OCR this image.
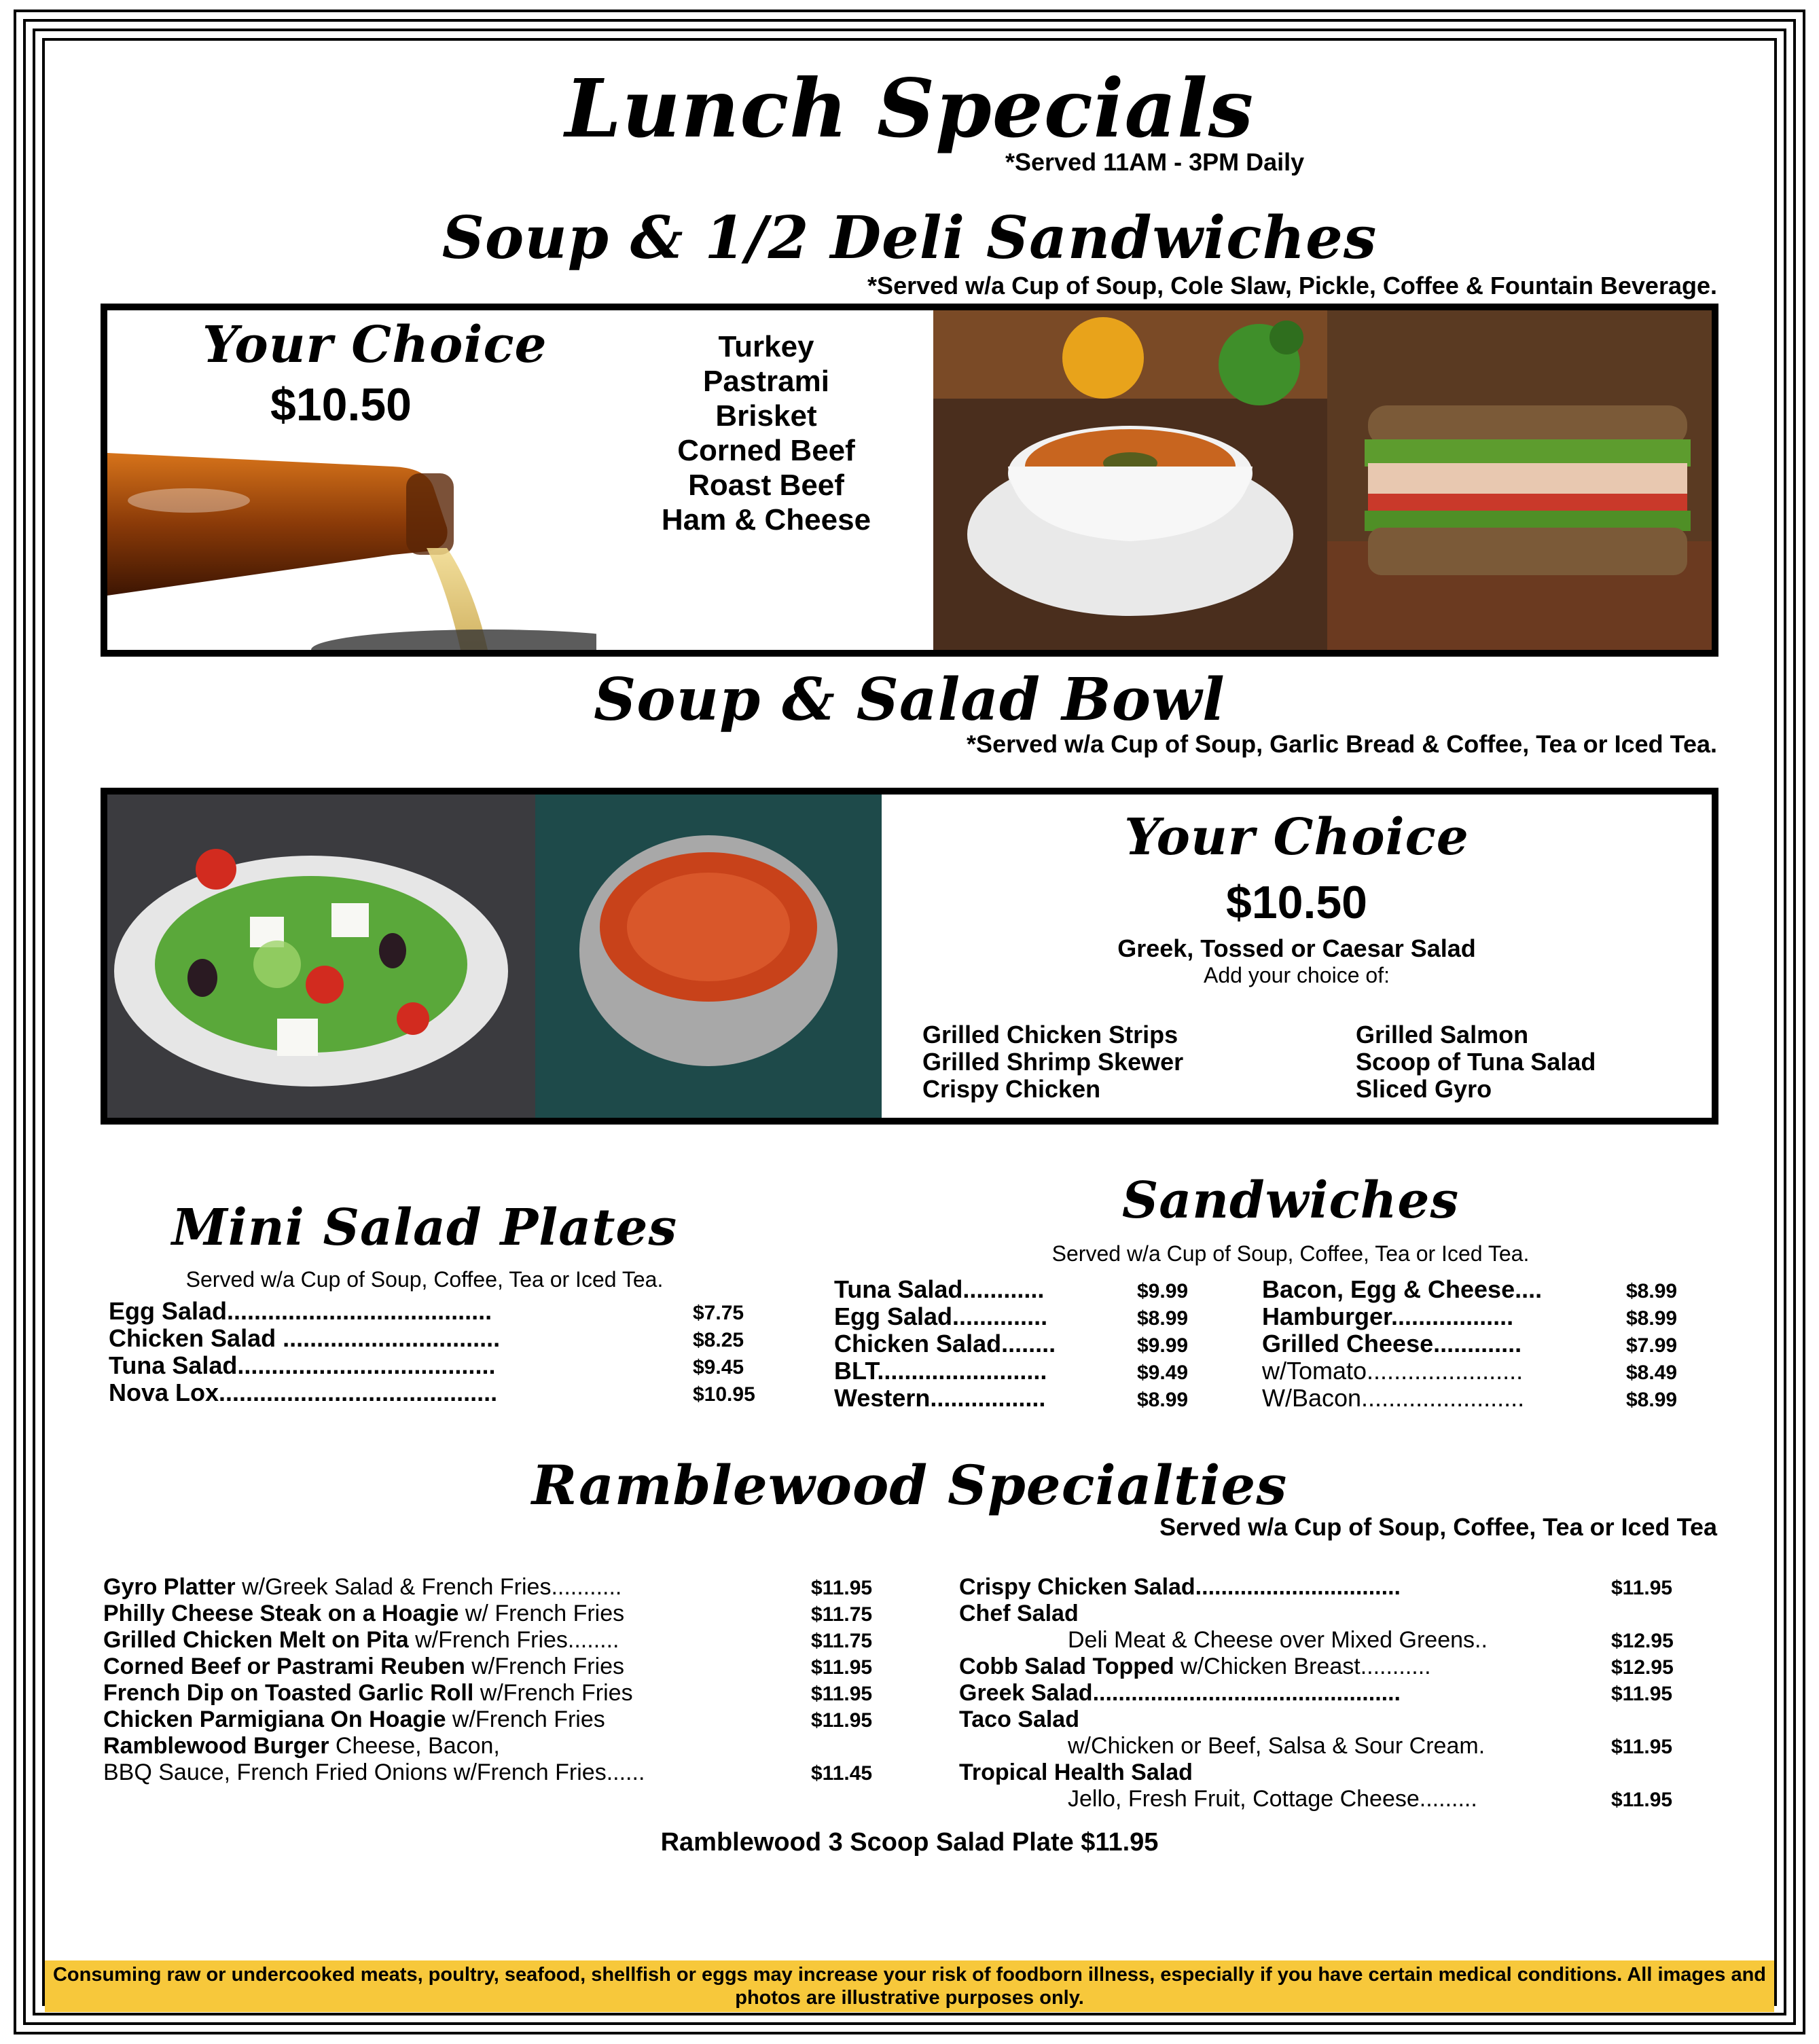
Lunch Specials
*Served 11AM - 3PM Daily
Soup & 1/2 Deli Sandwiches
*Served w/a Cup of Soup, Cole Slaw, Pickle, Coffee & Fountain Beverage.
Your Choice
$10.50
Turkey
Pastrami
Brisket
Corned Beef
Roast Beef
Ham & Cheese
Soup & Salad Bowl
*Served w/a Cup of Soup, Garlic Bread & Coffee, Tea or Iced Tea.
Your Choice
$10.50
Greek, Tossed or Caesar Salad
Add your choice of:
Grilled Chicken Strips
Grilled Shrimp Skewer
Crispy Chicken
Grilled Salmon
Scoop of Tuna Salad
Sliced Gyro
Mini Salad Plates
Served w/a Cup of Soup, Coffee, Tea or Iced Tea.
Egg Salad.......................................	$7.75
Chicken Salad ................................	$8.25
Tuna Salad......................................	$9.45
Nova Lox.........................................	$10.95
Sandwiches
Served w/a Cup of Soup, Coffee, Tea or Iced Tea.
Tuna Salad............	$9.99
Egg Salad..............	$8.99
Chicken Salad........	$9.99
BLT.........................	$9.49
Western.................	$8.99
Bacon, Egg & Cheese....	$8.99
Hamburger..................	$8.99
Grilled Cheese.............	$7.99
w/Tomato.......................	$8.49
W/Bacon........................	$8.99
Ramblewood Specialties
Served w/a Cup of Soup, Coffee, Tea or Iced Tea
Gyro Platter w/Greek Salad & French Fries...........	$11.95
Philly Cheese Steak on a Hoagie w/ French Fries	$11.75
Grilled Chicken Melt on Pita w/French Fries........	$11.75
Corned Beef or Pastrami Reuben w/French Fries	$11.95
French Dip on Toasted Garlic Roll w/French Fries	$11.95
Chicken Parmigiana On Hoagie w/French Fries	$11.95
Ramblewood Burger Cheese, Bacon,
BBQ Sauce, French Fried Onions w/French Fries......	$11.45
Crispy Chicken Salad................................	$11.95
Chef Salad
Deli Meat & Cheese over Mixed Greens..	$12.95
Cobb Salad Topped w/Chicken Breast...........	$12.95
Greek Salad................................................	$11.95
Taco Salad
w/Chicken or Beef, Salsa & Sour Cream.	$11.95
Tropical Health Salad
Jello, Fresh Fruit, Cottage Cheese.........	$11.95
Ramblewood 3 Scoop Salad Plate $11.95
Consuming raw or undercooked meats, poultry, seafood, shellfish or eggs may increase your risk of foodborn illness, especially if you have certain medical conditions. All images and photos are illustrative purposes only.
